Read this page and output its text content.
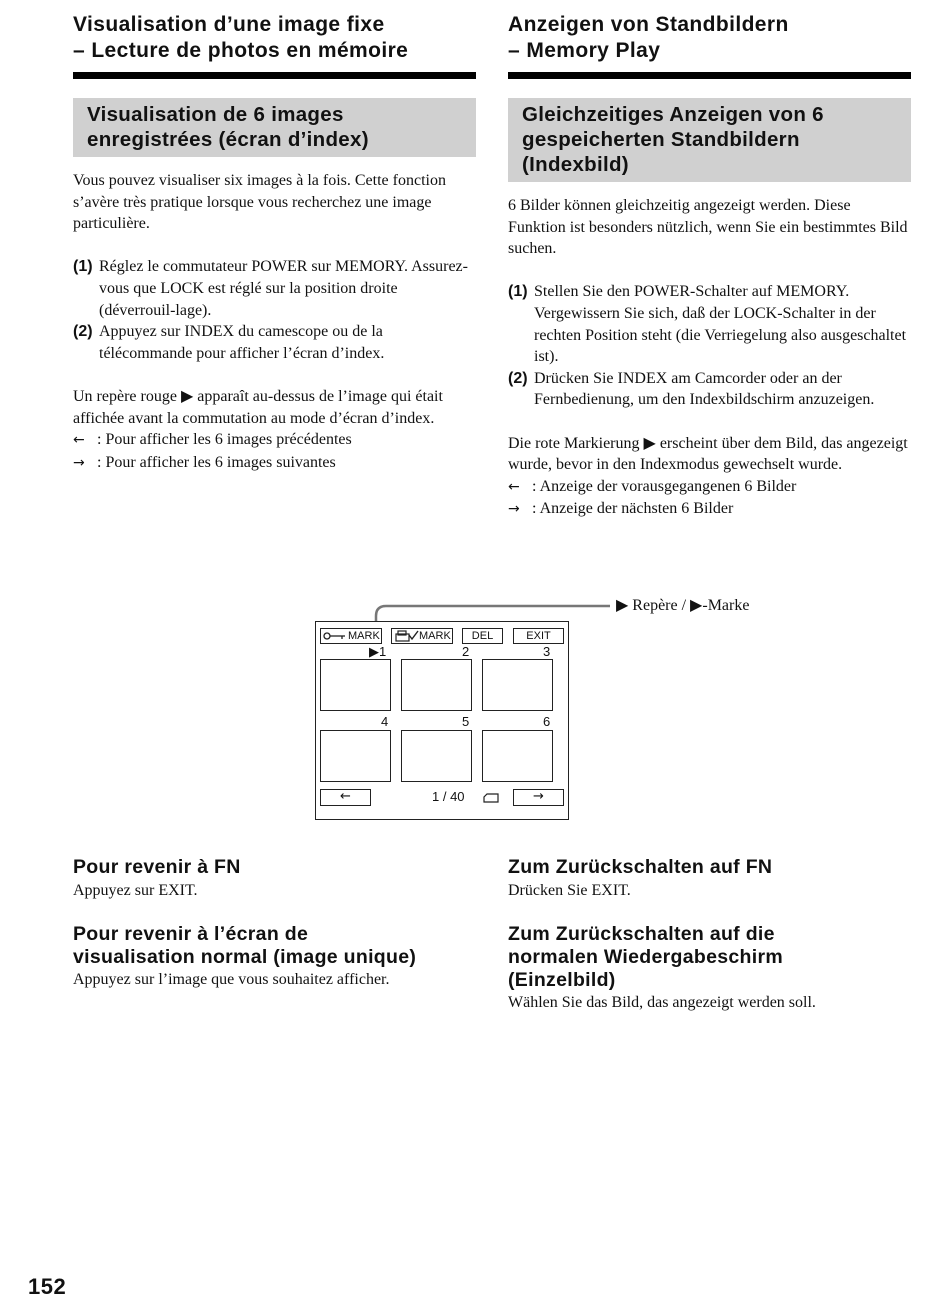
Visualisation d’une image fixe
– Lecture de photos en mémoire
Visualisation de 6 images
enregistrées (écran d’index)

Vous pouvez visualiser six images à la fois. Cette fonction s’avère très pratique lorsque vous recherchez une image particulière.

(1) Réglez le commutateur POWER sur MEMORY. Assurez-vous que LOCK est réglé sur la position droite (déverrouil-lage).
(2) Appuyez sur INDEX du camescope ou de la télécommande pour afficher l’écran d’index.

Un repère rouge ▶ apparaît au-dessus de l’image qui était affichée avant la commutation au mode d’écran d’index.

← : Pour afficher les 6 images précédentes

→ : Pour afficher les 6 images suivantes

Pour revenir à FN
Appuyez sur EXIT.
Pour revenir à l’écran de
visualisation normal (image unique)
Appuyez sur l’image que vous souhaitez afficher.
Anzeigen von Standbildern
– Memory Play
Gleichzeitiges Anzeigen von 6
gespeicherten Standbildern
(Indexbild)

6 Bilder können gleichzeitig angezeigt werden. Diese Funktion ist besonders nützlich, wenn Sie ein bestimmtes Bild suchen.

(1) Stellen Sie den POWER-Schalter auf MEMORY. Vergewissern Sie sich, daß der LOCK-Schalter in der rechten Position steht (die Verriegelung also ausgeschaltet ist).
(2) Drücken Sie INDEX am Camcorder oder an der Fernbedienung, um den Indexbildschirm anzuzeigen.

Die rote Markierung ▶ erscheint über dem Bild, das angezeigt wurde, bevor in den Indexmodus gewechselt wurde.

← : Anzeige der vorausgegangenen 6 Bilder

→ : Anzeige der nächsten 6 Bilder

Zum Zurückschalten auf FN
Drücken Sie EXIT.
Zum Zurückschalten auf die
normalen Wiedergabeschirm
(Einzelbild)
Wählen Sie das Bild, das angezeigt werden soll.
▶ Repère / ▶-Marke
MARK	MARK	DEL	EXIT
▶1	2	3
4	5	6
←	1 / 40	→
152
